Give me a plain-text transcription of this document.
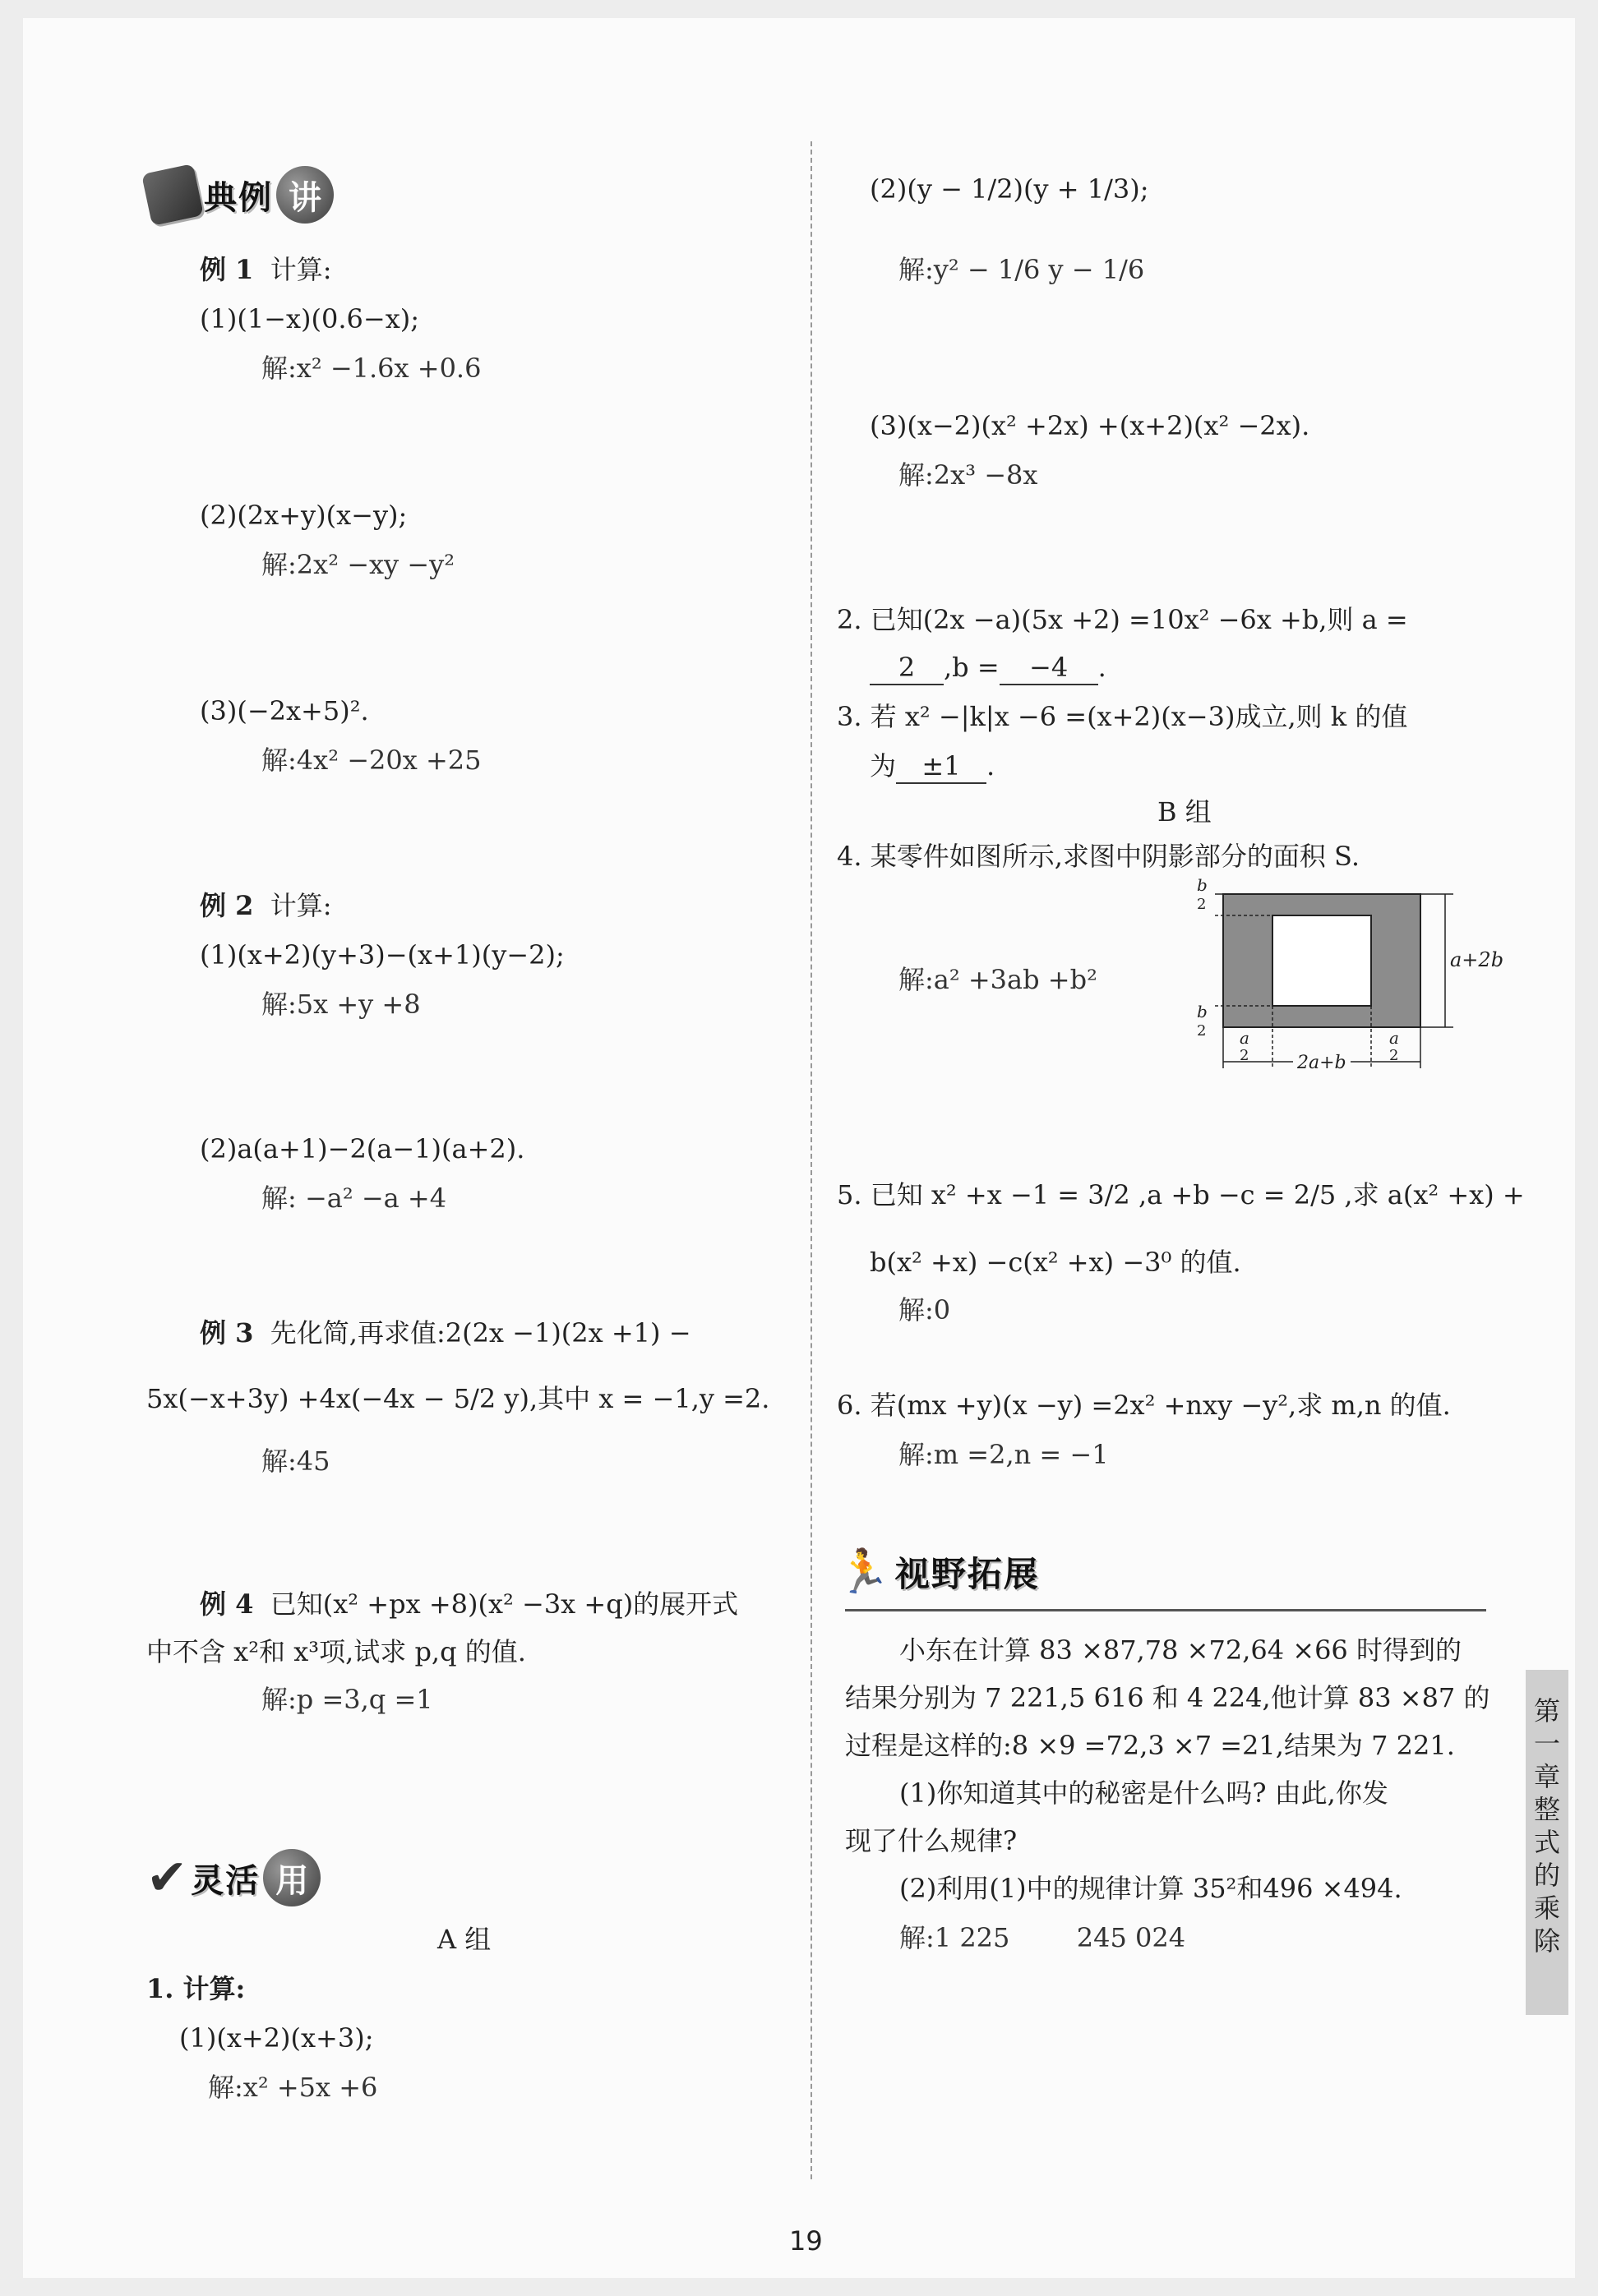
典例 讲
例 1 计算:
(1)(1−x)(0.6−x);
解:x² −1.6x +0.6
(2)(2x+y)(x−y);
解:2x² −xy −y²
(3)(−2x+5)².
解:4x² −20x +25
例 2 计算:
(1)(x+2)(y+3)−(x+1)(y−2);
解:5x +y +8
(2)a(a+1)−2(a−1)(a+2).
解: −a² −a +4
例 3 先化简,再求值:2(2x −1)(2x +1) −
5x(−x+3y) +4x(−4x − 5/2 y),其中 x = −1,y =2.
解:45
例 4 已知(x² +px +8)(x² −3x +q)的展开式
中不含 x²和 x³项,试求 p,q 的值.
解:p =3,q =1
✔ 灵活 用
A 组
1. 计算:
(1)(x+2)(x+3);
解:x² +5x +6
(2)(y − 1/2)(y + 1/3);
解:y² − 1/6 y − 1/6
(3)(x−2)(x² +2x) +(x+2)(x² −2x).
解:2x³ −8x
2. 已知(2x −a)(5x +2) =10x² −6x +b,则 a =
2 ,b = −4 .
3. 若 x² −|k|x −6 =(x+2)(x−3)成立,则 k 的值
为 ±1 .
B 组
4. 某零件如图所示,求图中阴影部分的面积 S.
解:a² +3ab +b²
a+2b
2a+b
a
2
a
2
b
2
b
2
5. 已知 x² +x −1 = 3/2 ,a +b −c = 2/5 ,求 a(x² +x) +
b(x² +x) −c(x² +x) −3⁰ 的值.
解:0
6. 若(mx +y)(x −y) =2x² +nxy −y²,求 m,n 的值.
解:m =2,n = −1
🏃 视野拓展
小东在计算 83 ×87,78 ×72,64 ×66 时得到的
结果分别为 7 221,5 616 和 4 224,他计算 83 ×87 的
过程是这样的:8 ×9 =72,3 ×7 =21,结果为 7 221.
(1)你知道其中的秘密是什么吗? 由此,你发
现了什么规律?
(2)利用(1)中的规律计算 35²和496 ×494.
解:1 225        245 024
第一章 整式的乘除
19
